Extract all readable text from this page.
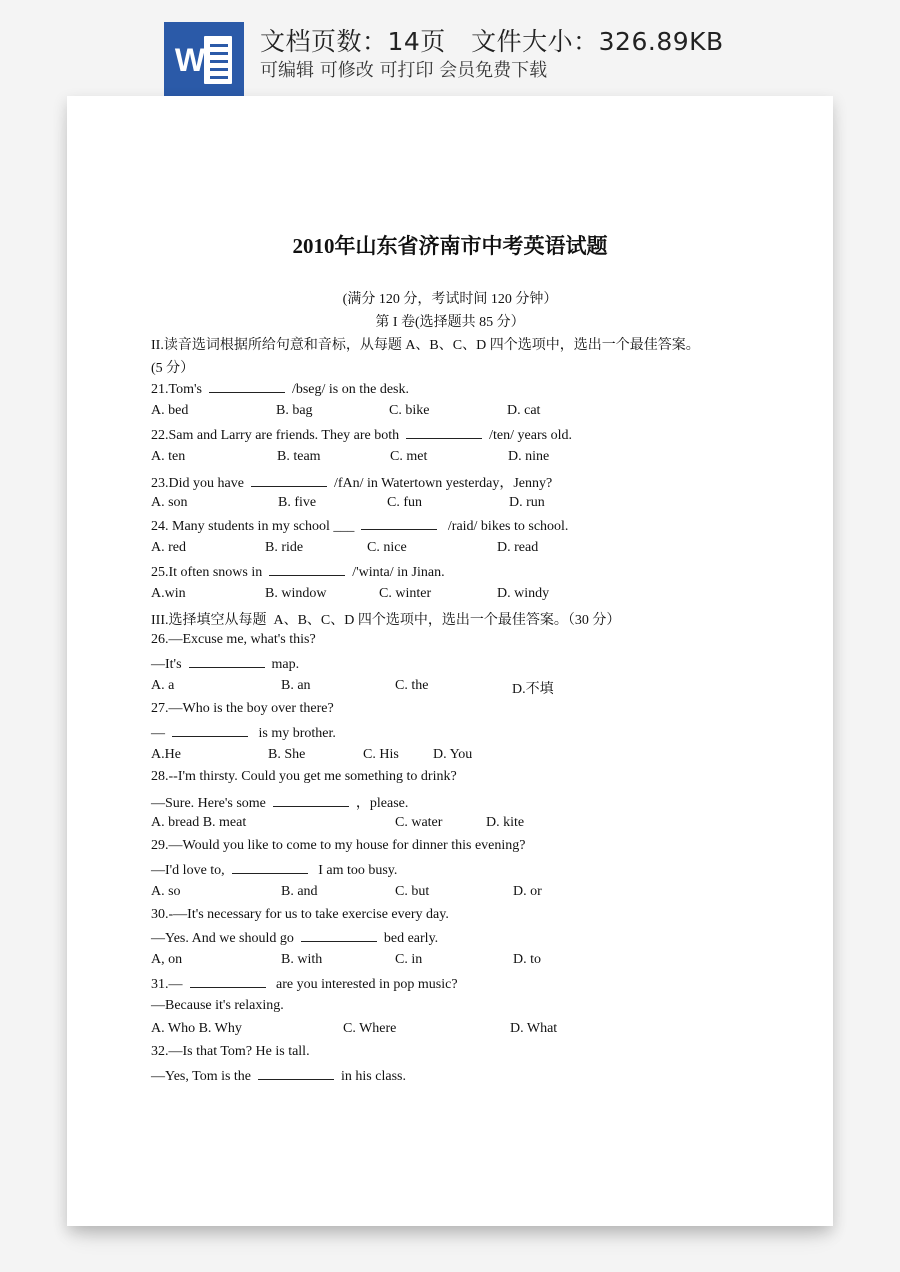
W
文档页数：14页   文件大小：326.89KB
可编辑 可修改 可打印 会员免费下载
2010年山东省济南市中考英语试题
(满分 120 分，考试时间 120 分钟）
第 I 卷(选择题共 85 分）
II.读音选词根据所给句意和音标，从每题 A、B、C、D 四个选项中，选出一个最佳答案。
(5 分）
21.Tom's	/bseg/ is on the desk.
A. bed	B. bag	C. bike	D. cat
22.Sam and Larry are friends. They are both	/ten/ years old.
A. ten	B. team	C. met	D. nine
23.Did you have	/fAn/ in Watertown yesterday，Jenny?
A. son	B. five	C. fun	D. run
24. Many students in my school ___	/raid/ bikes to school.
A. red	B. ride	C. nice	D. read
25.It often snows in	/'winta/ in Jinan.
A.win	B. window	C. winter	D. windy
III.选择填空从每题  A、B、C、D 四个选项中，选出一个最佳答案。（30 分）
26.—Excuse me, what's this?
—It's	map.
A. a	B. an	C. the	D.不填
27.—Who is the boy over there?
—	is my brother.
A.He	B. She	C. His D. You
28.--I'm thirsty. Could you get me something to drink?
—Sure. Here's some	，please.
A. bread B. meat	C. water	D. kite
29.—Would you like to come to my house for dinner this evening?
—I'd love to,	I am too busy.
A. so	B. and	C. but	D. or
30.-—It's necessary for us to take exercise every day.
—Yes. And we should go	bed early.
A, on	B. with	C. in	D. to
31.—	are you interested in pop music?
—Because it's relaxing.
A. Who B. Why	C. Where	D. What
32.—Is that Tom? He is tall.
—Yes, Tom is the	in his class.
